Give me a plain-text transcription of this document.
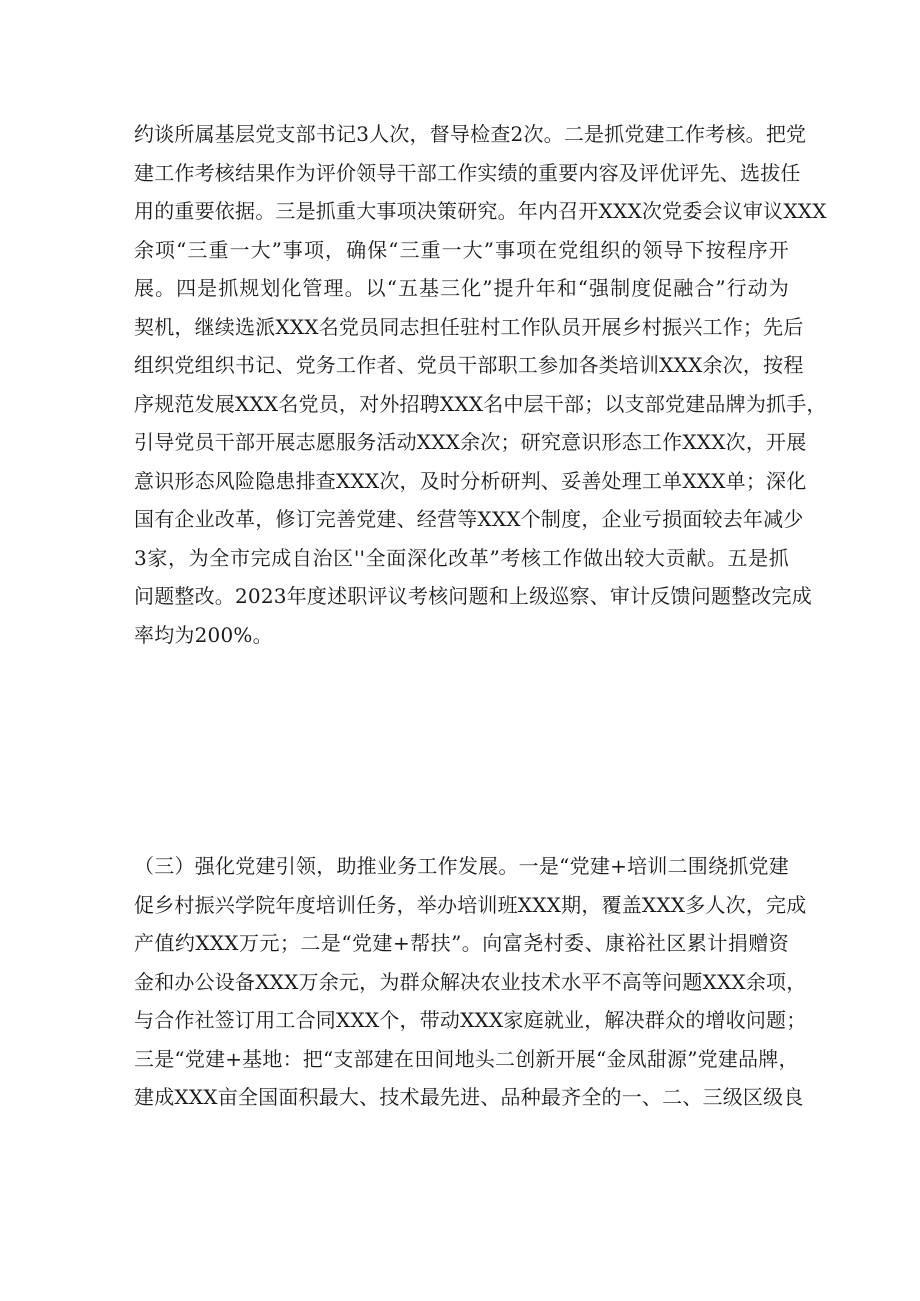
约谈所属基层党支部书记3人次，督导检查2次。二是抓党建工作考核。把党
建工作考核结果作为评价领导干部工作实绩的重要内容及评优评先、选拔任
用的重要依据。三是抓重大事项决策研究。年内召开XXX次党委会议审议XXX
余项“三重一大”事项，确保“三重一大”事项在党组织的领导下按程序开
展。四是抓规划化管理。以“五基三化”提升年和“强制度促融合”行动为
契机，继续选派XXX名党员同志担任驻村工作队员开展乡村振兴工作；先后
组织党组织书记、党务工作者、党员干部职工参加各类培训XXX余次，按程
序规范发展XXX名党员，对外招聘XXX名中层干部；以支部党建品牌为抓手，
引导党员干部开展志愿服务活动XXX余次；研究意识形态工作XXX次，开展
意识形态风险隐患排查XXX次，及时分析研判、妥善处理工单XXX单；深化
国有企业改革，修订完善党建、经营等XXX个制度，企业亏损面较去年减少
3家，为全市完成自治区''全面深化改革”考核工作做出较大贡献。五是抓
问题整改。2023年度述职评议考核问题和上级巡察、审计反馈问题整改完成
率均为200%。

（三）强化党建引领，助推业务工作发展。一是“党建+培训二围绕抓党建
促乡村振兴学院年度培训任务，举办培训班XXX期，覆盖XXX多人次，完成
产值约XXX万元；二是“党建+帮扶”。向富尧村委、康裕社区累计捐赠资
金和办公设备XXX万余元，为群众解决农业技术水平不高等问题XXX余项，
与合作社签订用工合同XXX个，带动XXX家庭就业，解决群众的增收问题；
三是“党建+基地：把“支部建在田间地头二创新开展“金凤甜源”党建品牌，
建成XXX亩全国面积最大、技术最先进、品种最齐全的一、二、三级区级良
